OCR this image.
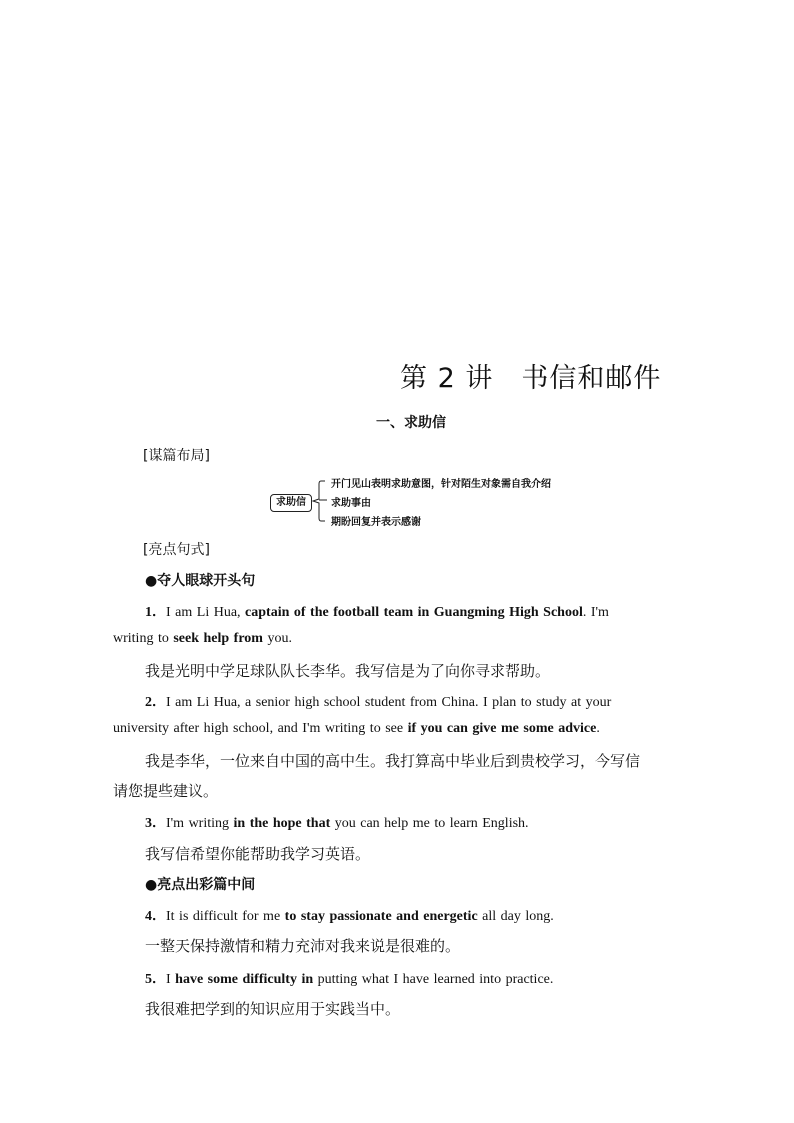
第 2 讲　书信和邮件
一、求助信
[谋篇布局]
求助信
开门见山表明求助意图，针对陌生对象需自我介绍
求助事由
期盼回复并表示感谢
[亮点句式]
●夺人眼球开头句
1．I am Li Hua, captain of the football team in Guangming High School. I'm
writing to seek help from you.
我是光明中学足球队队长李华。我写信是为了向你寻求帮助。
2．I am Li Hua, a senior high school student from China. I plan to study at your
university after high school, and I'm writing to see if you can give me some advice.
我是李华，一位来自中国的高中生。我打算高中毕业后到贵校学习，今写信
请您提些建议。
3．I'm writing in the hope that you can help me to learn English.
我写信希望你能帮助我学习英语。
●亮点出彩篇中间
4．It is difficult for me to stay passionate and energetic all day long.
一整天保持激情和精力充沛对我来说是很难的。
5．I have some difficulty in putting what I have learned into practice.
我很难把学到的知识应用于实践当中。
